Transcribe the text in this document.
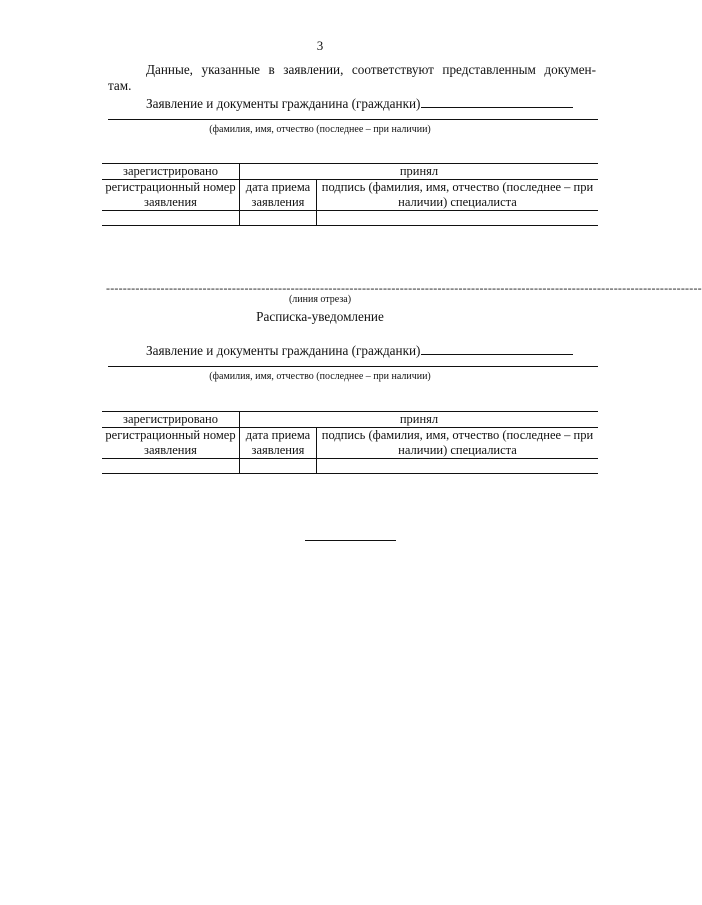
3
Данные, указанные в заявлении, соответствуют представленным докумен-
там.
Заявление и документы гражданина (гражданки)
(фамилия, имя, отчество (последнее – при наличии)
зарегистрировано	принял	
регистрационный номер заявления	дата приема заявления	подпись (фамилия, имя, отчество (последнее – при наличии) специалиста

----------------------------------------------------------------------------------------------------------------------------------------------
(линия отреза)
Расписка-уведомление
Заявление и документы гражданина (гражданки)
(фамилия, имя, отчество (последнее – при наличии)
зарегистрировано	принял	
регистрационный номер заявления	дата приема заявления	подпись (фамилия, имя, отчество (последнее – при наличии) специалиста
